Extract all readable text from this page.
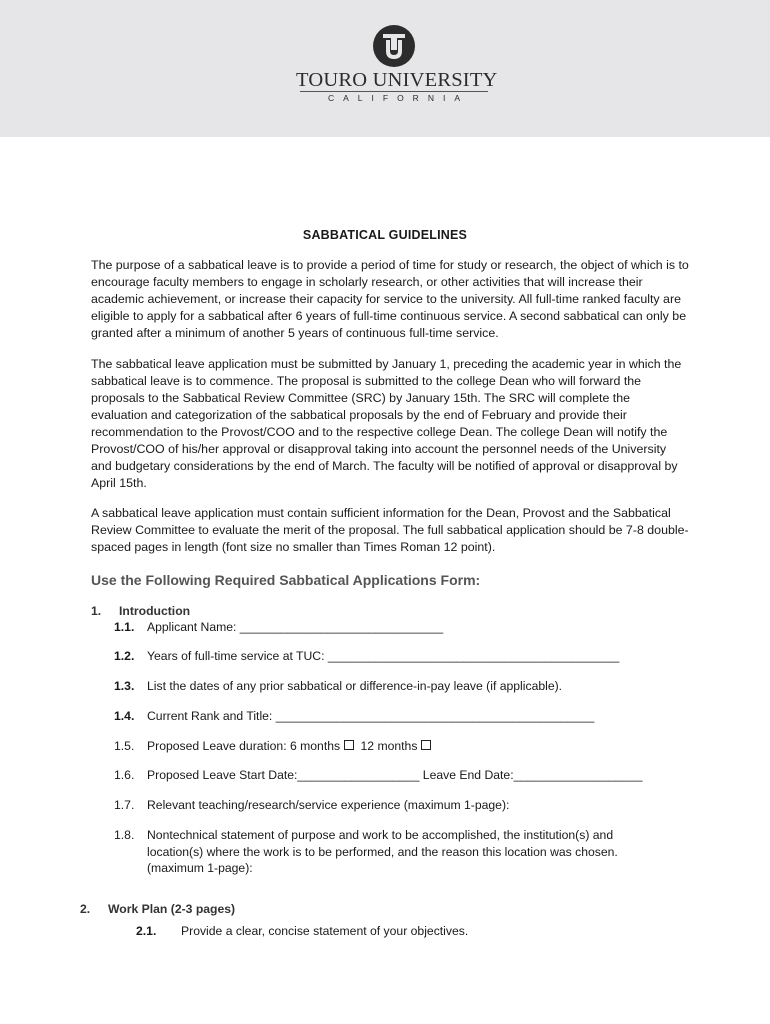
TOURO UNIVERSITY
CALIFORNIA
SABBATICAL GUIDELINES

The purpose of a sabbatical leave is to provide a period of time for study or research, the object of which is to encourage faculty members to engage in scholarly research, or other activities that will increase their academic achievement, or increase their capacity for service to the university. All full-time ranked faculty are eligible to apply for a sabbatical after 6 years of full-time continuous service. A second sabbatical can only be granted after a minimum of another 5 years of continuous full-time service.

The sabbatical leave application must be submitted by January 1, preceding the academic year in which the sabbatical leave is to commence. The proposal is submitted to the college Dean who will forward the proposals to the Sabbatical Review Committee (SRC) by January 15th. The SRC will complete the evaluation and categorization of the sabbatical proposals by the end of February and provide their recommendation to the Provost/COO and to the respective college Dean. The college Dean will notify the Provost/COO of his/her approval or disapproval taking into account the personnel needs of the University and budgetary considerations by the end of March. The faculty will be notified of approval or disapproval by April 15th.

A sabbatical leave application must contain sufficient information for the Dean, Provost and the Sabbatical Review Committee to evaluate the merit of the proposal. The full sabbatical application should be 7-8 double-spaced pages in length (font size no smaller than Times Roman 12 point).

Use the Following Required Sabbatical Applications Form:
1. Introduction
1.1. Applicant Name: ______________________________
1.2. Years of full-time service at TUC: ___________________________________________
1.3. List the dates of any prior sabbatical or difference-in-pay leave (if applicable).
1.4. Current Rank and Title: _______________________________________________
1.5. Proposed Leave duration: 6 months 12 months
1.6. Proposed Leave Start Date:__________________ Leave End Date:___________________
1.7. Relevant teaching/research/service experience (maximum 1-page):
1.8.	Nontechnical statement of purpose and work to be accomplished, the institution(s) and location(s) where the work is to be performed, and the reason this location was chosen. (maximum 1-page):
2. Work Plan (2-3 pages)
2.1. Provide a clear, concise statement of your objectives.
